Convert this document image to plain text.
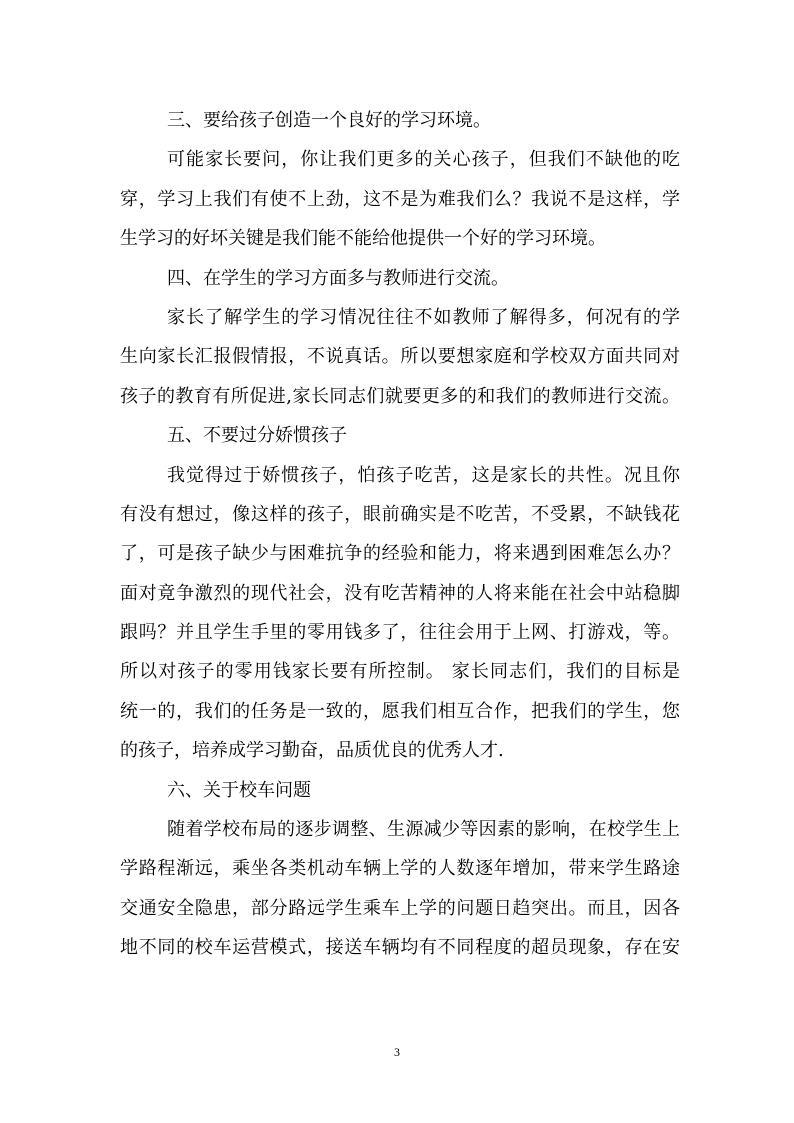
三、要给孩子创造一个良好的学习环境。
可能家长要问，你让我们更多的关心孩子，但我们不缺他的吃
穿，学习上我们有使不上劲，这不是为难我们么？我说不是这样，学
生学习的好坏关键是我们能不能给他提供一个好的学习环境。
四、在学生的学习方面多与教师进行交流。
家长了解学生的学习情况往往不如教师了解得多，何况有的学
生向家长汇报假情报，不说真话。所以要想家庭和学校双方面共同对
孩子的教育有所促进,家长同志们就要更多的和我们的教师进行交流。
五、不要过分娇惯孩子
我觉得过于娇惯孩子，怕孩子吃苦，这是家长的共性。况且你
有没有想过，像这样的孩子，眼前确实是不吃苦，不受累，不缺钱花
了，可是孩子缺少与困难抗争的经验和能力，将来遇到困难怎么办？
面对竟争激烈的现代社会，没有吃苦精神的人将来能在社会中站稳脚
跟吗？并且学生手里的零用钱多了，往往会用于上网、打游戏，等。
所以对孩子的零用钱家长要有所控制。 家长同志们，我们的目标是
统一的，我们的任务是一致的，愿我们相互合作，把我们的学生，您
的孩子，培养成学习勤奋，品质优良的优秀人才.
六、关于校车问题
随着学校布局的逐步调整、生源减少等因素的影响，在校学生上
学路程渐远，乘坐各类机动车辆上学的人数逐年增加，带来学生路途
交通安全隐患，部分路远学生乘车上学的问题日趋突出。而且，因各
地不同的校车运营模式，接送车辆均有不同程度的超员现象，存在安
3
